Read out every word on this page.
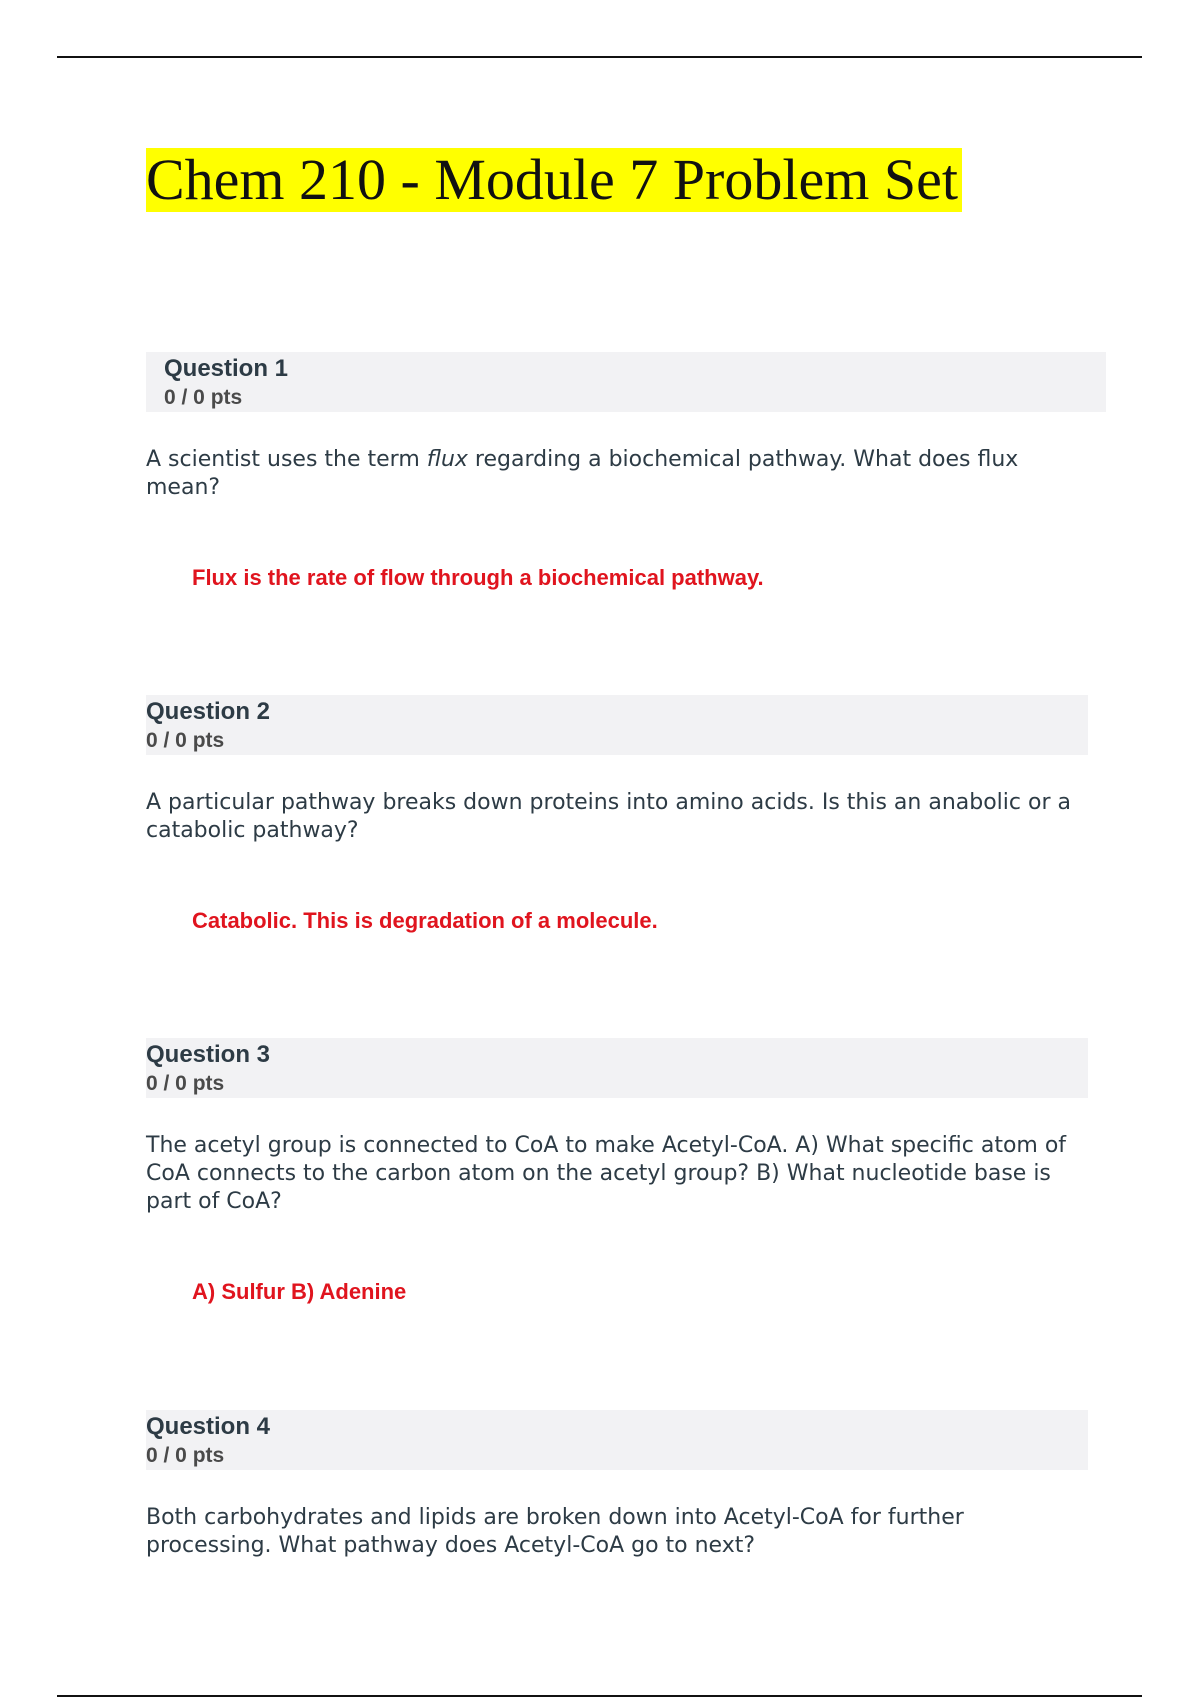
Chem 210 - Module 7 Problem Set
Question 1
0 / 0 pts

A scientist uses the term flux regarding a biochemical pathway. What does flux mean?

Flux is the rate of flow through a biochemical pathway.

Question 2
0 / 0 pts

A particular pathway breaks down proteins into amino acids. Is this an anabolic or a catabolic pathway?

Catabolic. This is degradation of a molecule.

Question 3
0 / 0 pts

The acetyl group is connected to CoA to make Acetyl-CoA. A) What specific atom of CoA connects to the carbon atom on the acetyl group? B) What nucleotide base is part of CoA?

A) Sulfur B) Adenine

Question 4
0 / 0 pts

Both carbohydrates and lipids are broken down into Acetyl-CoA for further processing. What pathway does Acetyl-CoA go to next?
